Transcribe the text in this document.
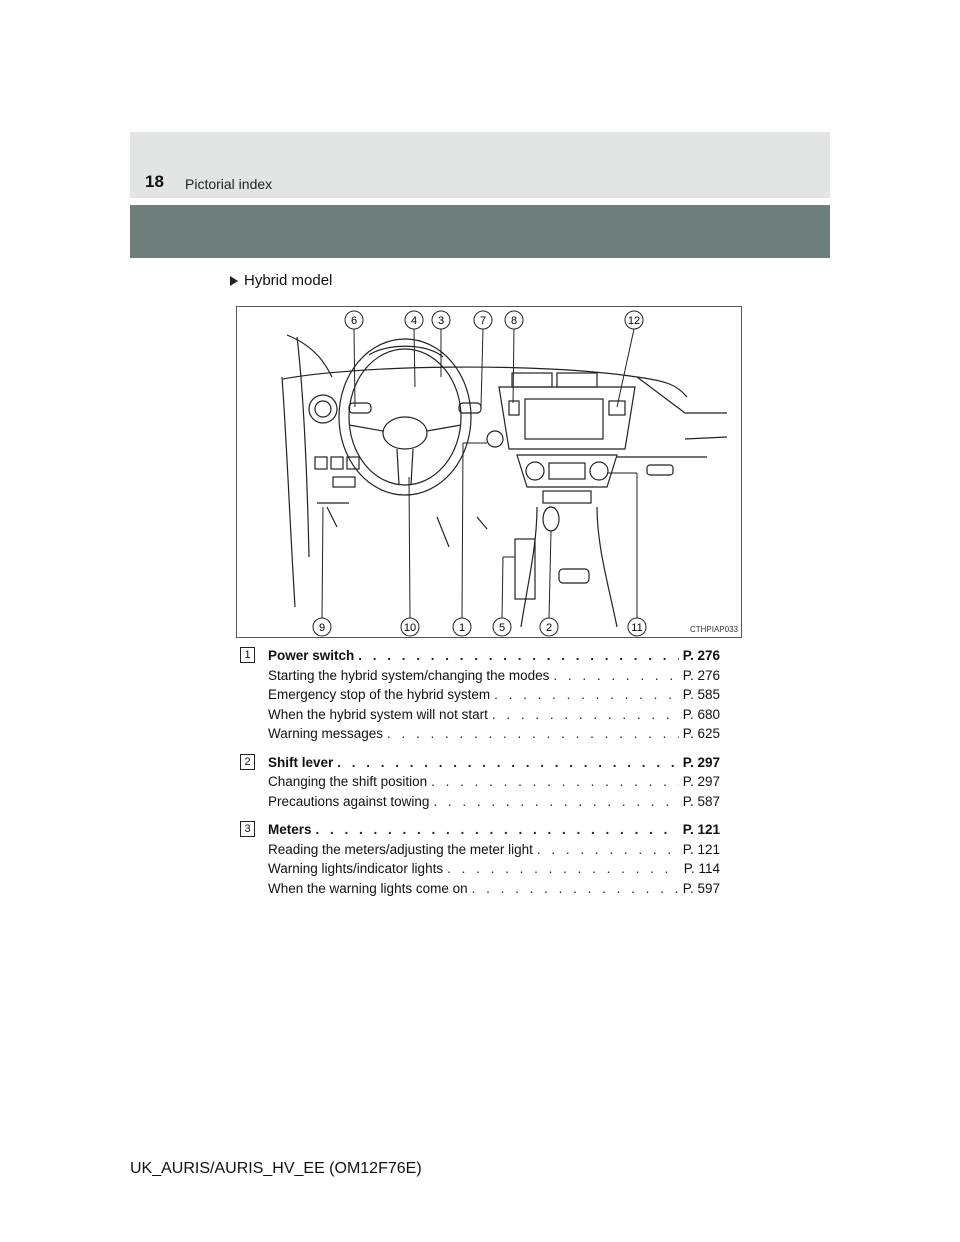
18 Pictorial index
Hybrid model
6	4 3	7 8	12
9	10	1	5	2	11	CTHPIAP033
1	Power switch . . .	P. 276
Starting the hybrid system/changing the modes . . .	P. 276
Emergency stop of the hybrid system . . .	P. 585
When the hybrid system will not start . . .	P. 680
Warning messages . . .	P. 625
2	Shift lever . . .	P. 297
Changing the shift position . . .	P. 297
Precautions against towing . . .	P. 587
3	Meters . . .	P. 121
Reading the meters/adjusting the meter light . . .	P. 121
Warning lights/indicator lights . . .	P. 114
When the warning lights come on . . .	P. 597
UK_AURIS/AURIS_HV_EE (OM12F76E)
